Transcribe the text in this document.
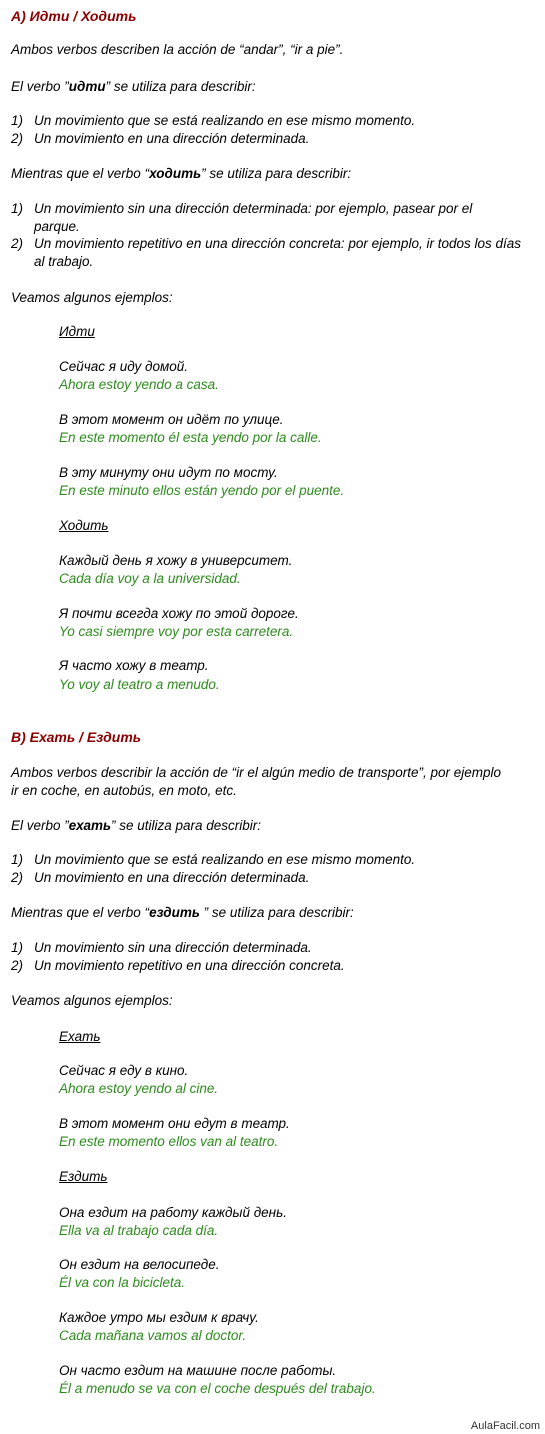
A) Идти / Ходить
Ambos verbos describen la acción de “andar”, “ir a pie”.
El verbo ”идти” se utiliza para describir:
1) Un movimiento que se está realizando en ese mismo momento.
2) Un movimiento en una dirección determinada.
Mientras que el verbo “ходить” se utiliza para describir:
1) Un movimiento sin una dirección determinada: por ejemplo, pasear por el parque.
2) Un movimiento repetitivo en una dirección concreta: por ejemplo, ir todos los días al trabajo.
Veamos algunos ejemplos:
Идти
Сейчас я иду домой.
Ahora estoy yendo a casa.
В этот момент он идёт по улице.
En este momento él esta yendo por la calle.
В эту минуту они идут по мосту.
En este minuto ellos están yendo por el puente.
Ходить
Каждый день я хожу в университет.
Cada día voy a la universidad.
Я почти всегда хожу по этой дороге.
Yo casi siempre voy por esta carretera.
Я часто хожу в театр.
Yo voy al teatro a menudo.
B) Ехать / Ездить
Ambos verbos describir la acción de “ir el algún medio de transporte”, por ejemplo ir en coche, en autobús, en moto, etc.
El verbo ”ехать” se utiliza para describir:
1) Un movimiento que se está realizando en ese mismo momento.
2) Un movimiento en una dirección determinada.
Mientras que el verbo “ездить ” se utiliza para describir:
1) Un movimiento sin una dirección determinada.
2) Un movimiento repetitivo en una dirección concreta.
Veamos algunos ejemplos:
Ехать
Сейчас я еду в кино.
Ahora estoy yendo al cine.
В этот момент они едут в театр.
En este momento ellos van al teatro.
Ездить
Она ездит на работу каждый день.
Ella va al trabajo cada día.
Он ездит на велосипеде.
Él va con la bicicleta.
Каждое утро мы ездим к врачу.
Cada mañana vamos al doctor.
Он часто ездит на машине после работы.
Él a menudo se va con el coche después del trabajo.
AulaFacil.com
